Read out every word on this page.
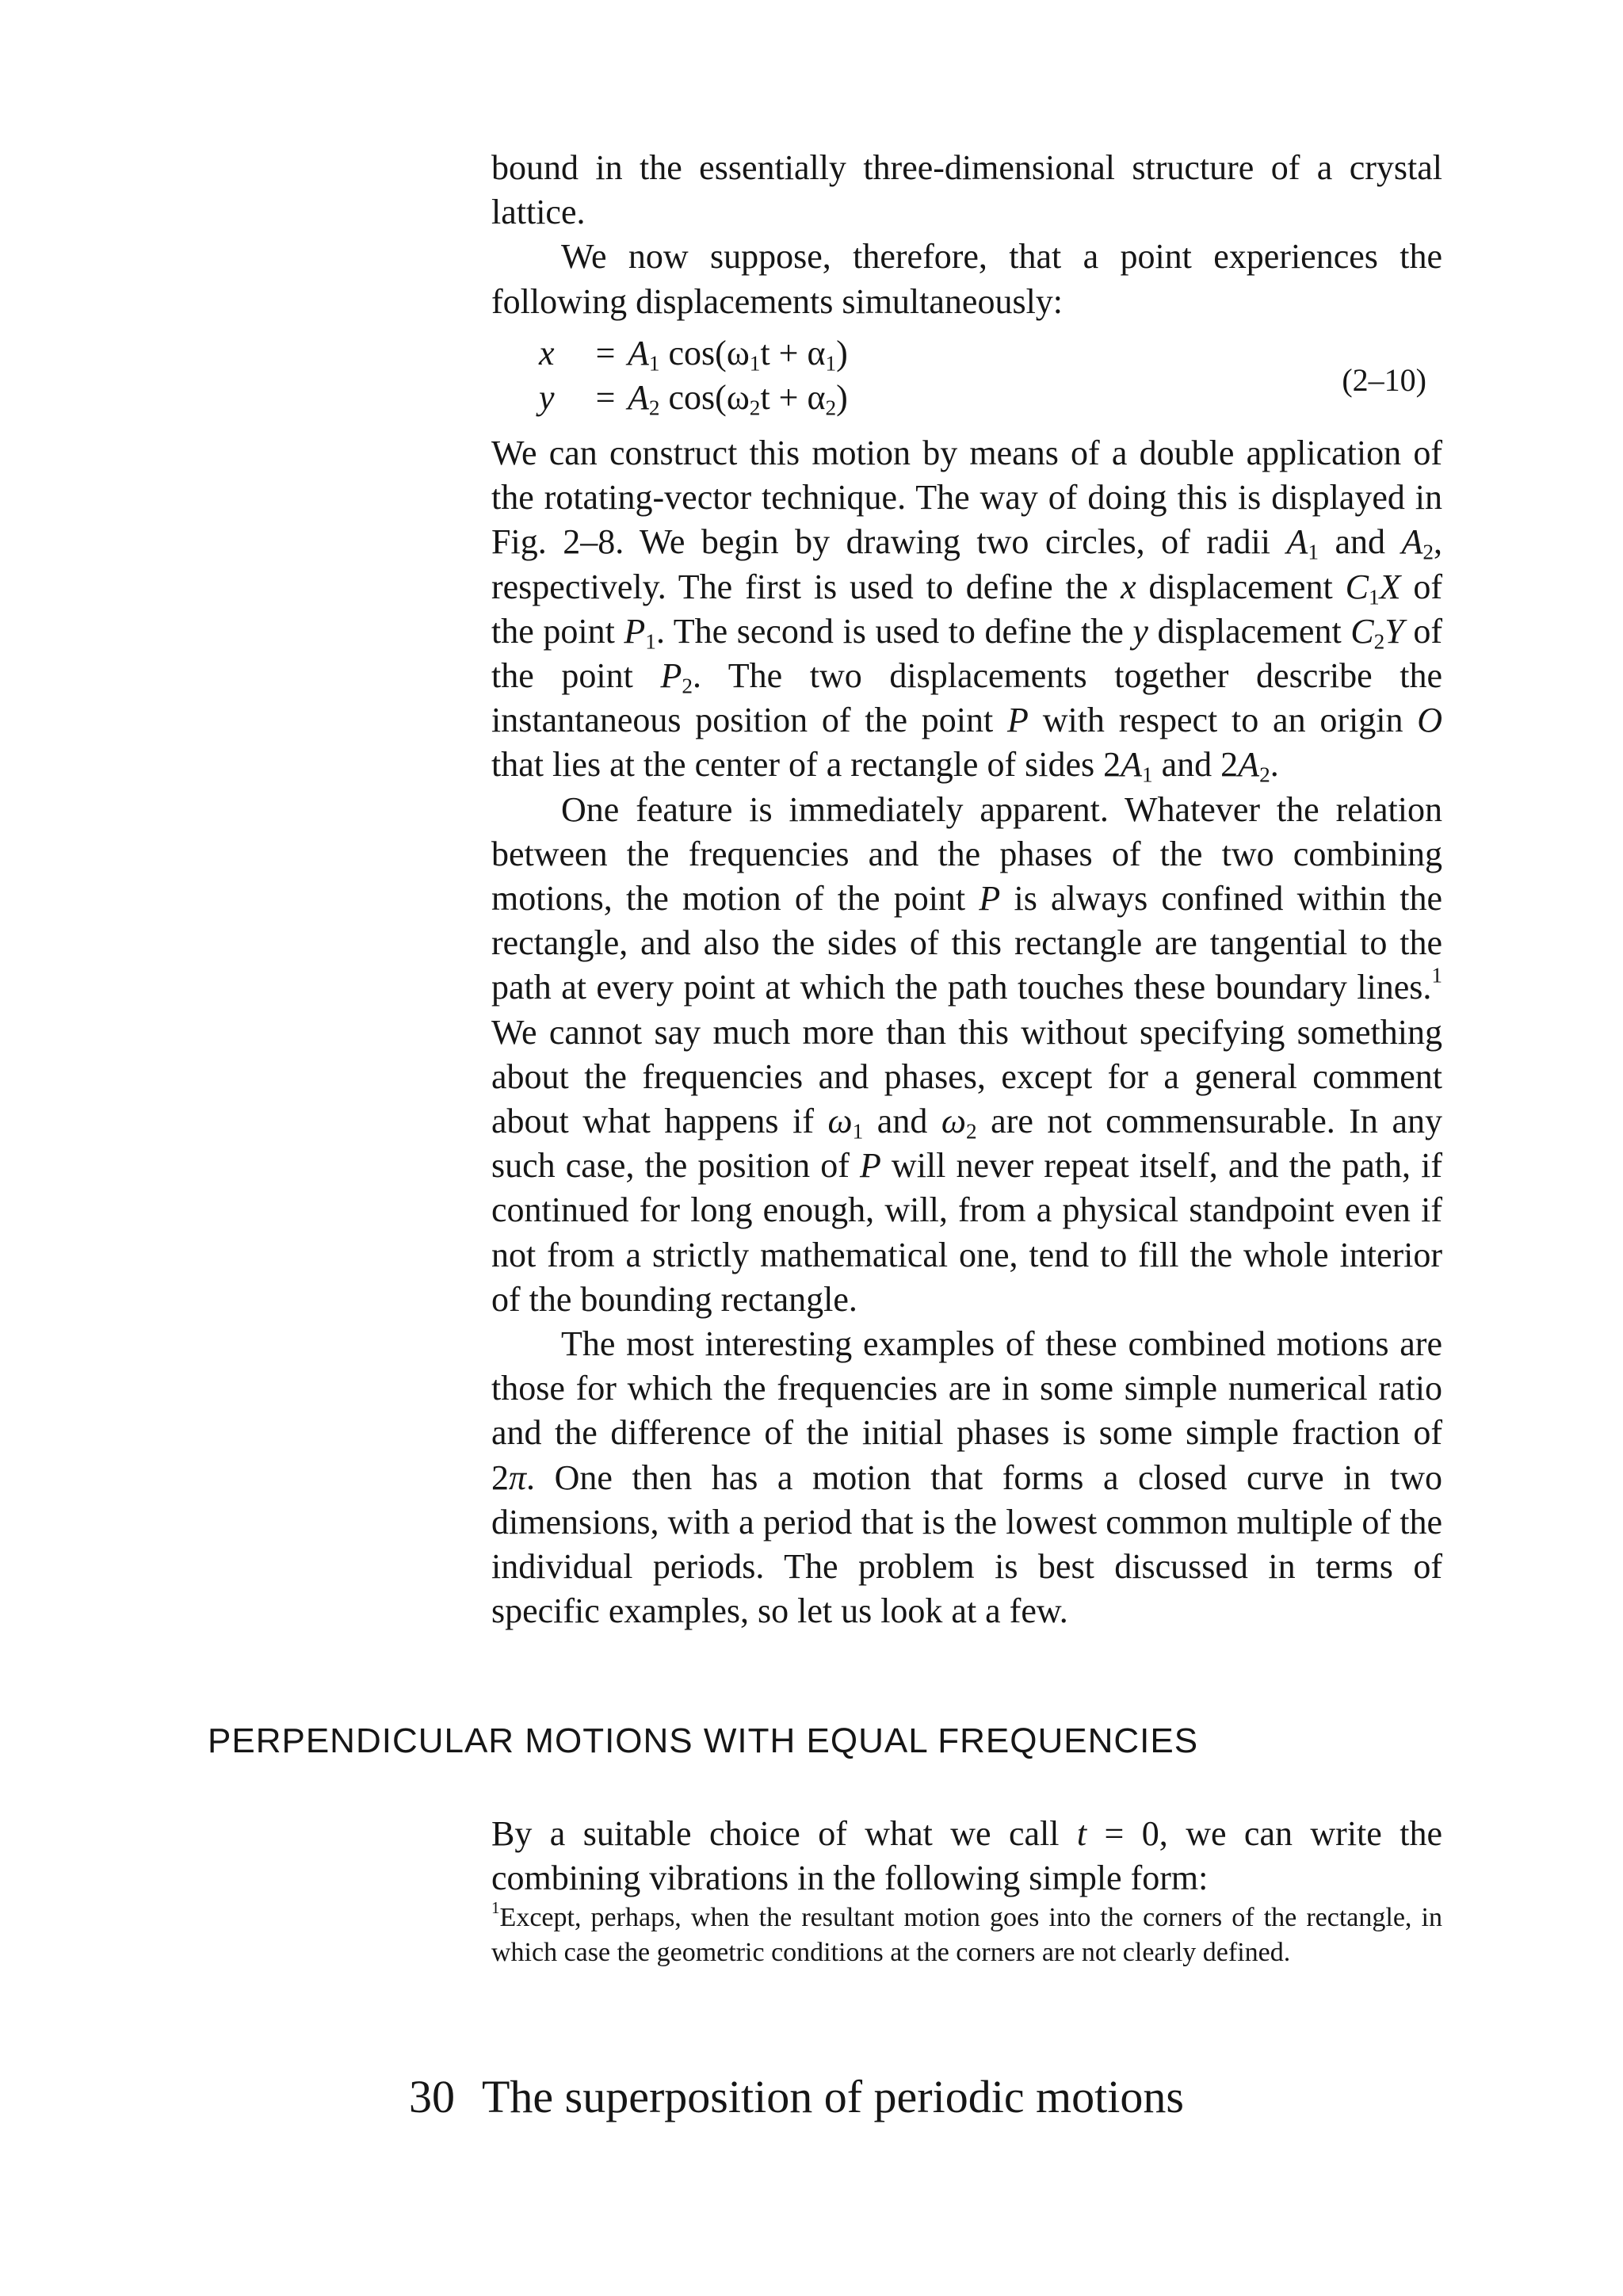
bound in the essentially three-dimensional structure of a crystal lattice.

We now suppose, therefore, that a point experiences the following displacements simultaneously:

$x = A_1$ $\cos(\omega_1t + \alpha_1)$
$y = A_2$ $\cos(\omega_2t + \alpha_2)$	(2–10)

We can construct this motion by means of a double application of the rotating-vector technique. The way of doing this is displayed in Fig. 2–8. We begin by drawing two circles, of radii $A_1$ and $A_2$, respectively. The first is used to define the x displacement $C_1X$ of the point $P_1$. The second is used to define the y displacement $C_2Y$ of the point $P_2$. The two displacements together describe the instantaneous position of the point P with respect to an origin O that lies at the center of a rectangle of sides $2A_1$ and $2A_2$.

One feature is immediately apparent. Whatever the relation between the frequencies and the phases of the two combining motions, the motion of the point P is always confined within the rectangle, and also the sides of this rectangle are tangential to the path at every point at which the path touches these boundary lines.$^1$ We cannot say much more than this without specifying something about the frequencies and phases, except for a general comment about what happens if $\omega_1$ and $\omega_2$ are not commensurable. In any such case, the position of P will never repeat itself, and the path, if continued for long enough, will, from a physical standpoint even if not from a strictly mathematical one, tend to fill the whole interior of the bounding rectangle.

The most interesting examples of these combined motions are those for which the frequencies are in some simple numerical ratio and the difference of the initial phases is some simple fraction of 2π. One then has a motion that forms a closed curve in two dimensions, with a period that is the lowest common multiple of the individual periods. The problem is best discussed in terms of specific examples, so let us look at a few.

PERPENDICULAR MOTIONS WITH EQUAL FREQUENCIES

By a suitable choice of what we call t = 0, we can write the combining vibrations in the following simple form:

$^1$Except, perhaps, when the resultant motion goes into the corners of the rectangle, in which case the geometric conditions at the corners are not clearly defined.
30 The superposition of periodic motions
